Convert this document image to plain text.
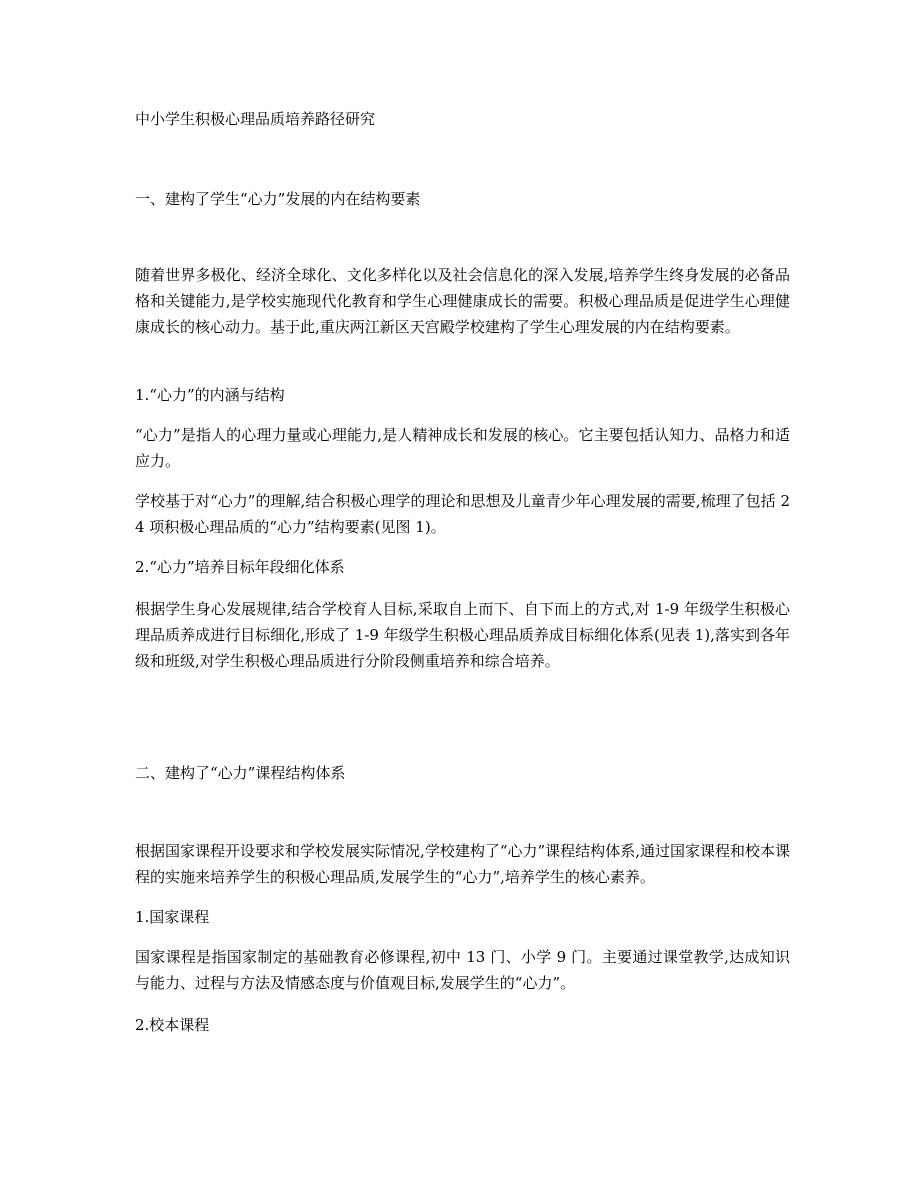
中小学生积极心理品质培养路径研究

一、建构了学生“心力”发展的内在结构要素

随着世界多极化、经济全球化、文化多样化以及社会信息化的深入发展,培养学生终身发展的必备品格和关键能力,是学校实施现代化教育和学生心理健康成长的需要。积极心理品质是促进学生心理健康成长的核心动力。基于此,重庆两江新区天宫殿学校建构了学生心理发展的内在结构要素。

1.“心力”的内涵与结构

“心力”是指人的心理力量或心理能力,是人精神成长和发展的核心。它主要包括认知力、品格力和适应力。

学校基于对“心力”的理解,结合积极心理学的理论和思想及儿童青少年心理发展的需要,梳理了包括 24 项积极心理品质的“心力”结构要素(见图 1)。

2.“心力”培养目标年段细化体系

根据学生身心发展规律,结合学校育人目标,采取自上而下、自下而上的方式,对 1-9 年级学生积极心理品质养成进行目标细化,形成了 1-9 年级学生积极心理品质养成目标细化体系(见表 1),落实到各年级和班级,对学生积极心理品质进行分阶段侧重培养和综合培养。

二、建构了“心力”课程结构体系

根据国家课程开设要求和学校发展实际情况,学校建构了“心力”课程结构体系,通过国家课程和校本课程的实施来培养学生的积极心理品质,发展学生的“心力”,培养学生的核心素养。

1.国家课程

国家课程是指国家制定的基础教育必修课程,初中 13 门、小学 9 门。主要通过课堂教学,达成知识与能力、过程与方法及情感态度与价值观目标,发展学生的“心力”。

2.校本课程
